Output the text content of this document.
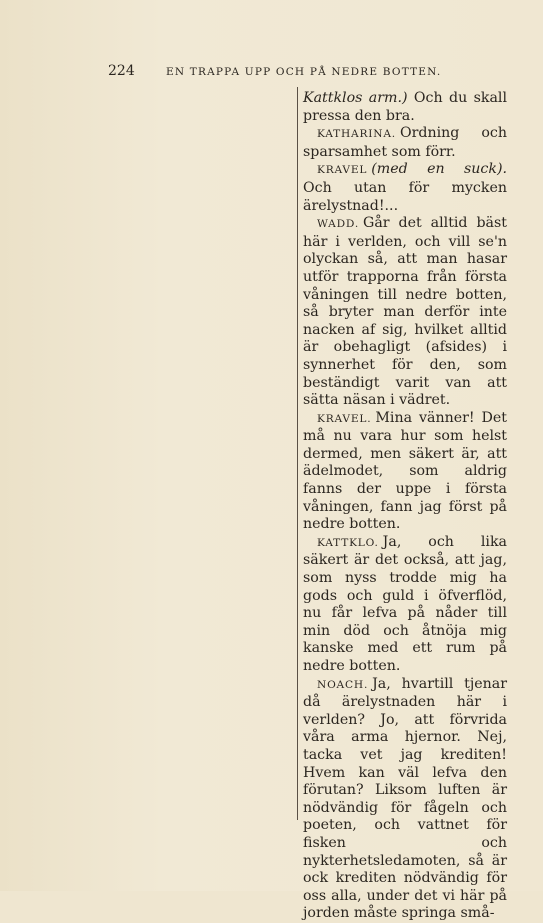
224	EN TRAPPA UPP OCH PÅ NEDRE BOTTEN.

Kattklos arm.) Och du skall pressa den bra.

KATHARINA. Ordning och sparsamhet som förr.

KRAVEL (med en suck). Och utan för mycken ärelystnad!...

WADD. Går det alltid bäst här i verlden, och vill se'n olyckan så, att man hasar utför trapporna från första våningen till nedre botten, så bryter man derför inte nacken af sig, hvilket alltid är obehagligt (afsides) i synnerhet för den, som beständigt varit van att sätta näsan i vädret.

KRAVEL. Mina vänner! Det må nu vara hur som helst dermed, men säkert är, att ädelmodet, som aldrig fanns der uppe i första våningen, fann jag först på nedre botten.

KATTKLO. Ja, och lika säkert är det också, att jag, som nyss trodde mig ha gods och guld i öfverflöd, nu får lefva på nåder till min död och åtnöja mig kanske med ett rum på nedre botten.

NOACH. Ja, hvartill tjenar då ärelystnaden här i verlden? Jo, att förvrida våra arma hjernor. Nej, tacka vet jag krediten! Hvem kan väl lefva den förutan? Liksom luften är nödvändig för fågeln och poeten, och vattnet för fisken och nykterhetsledamoten, så är ock krediten nödvändig för oss alla, under det vi här på jorden måste springa små-
